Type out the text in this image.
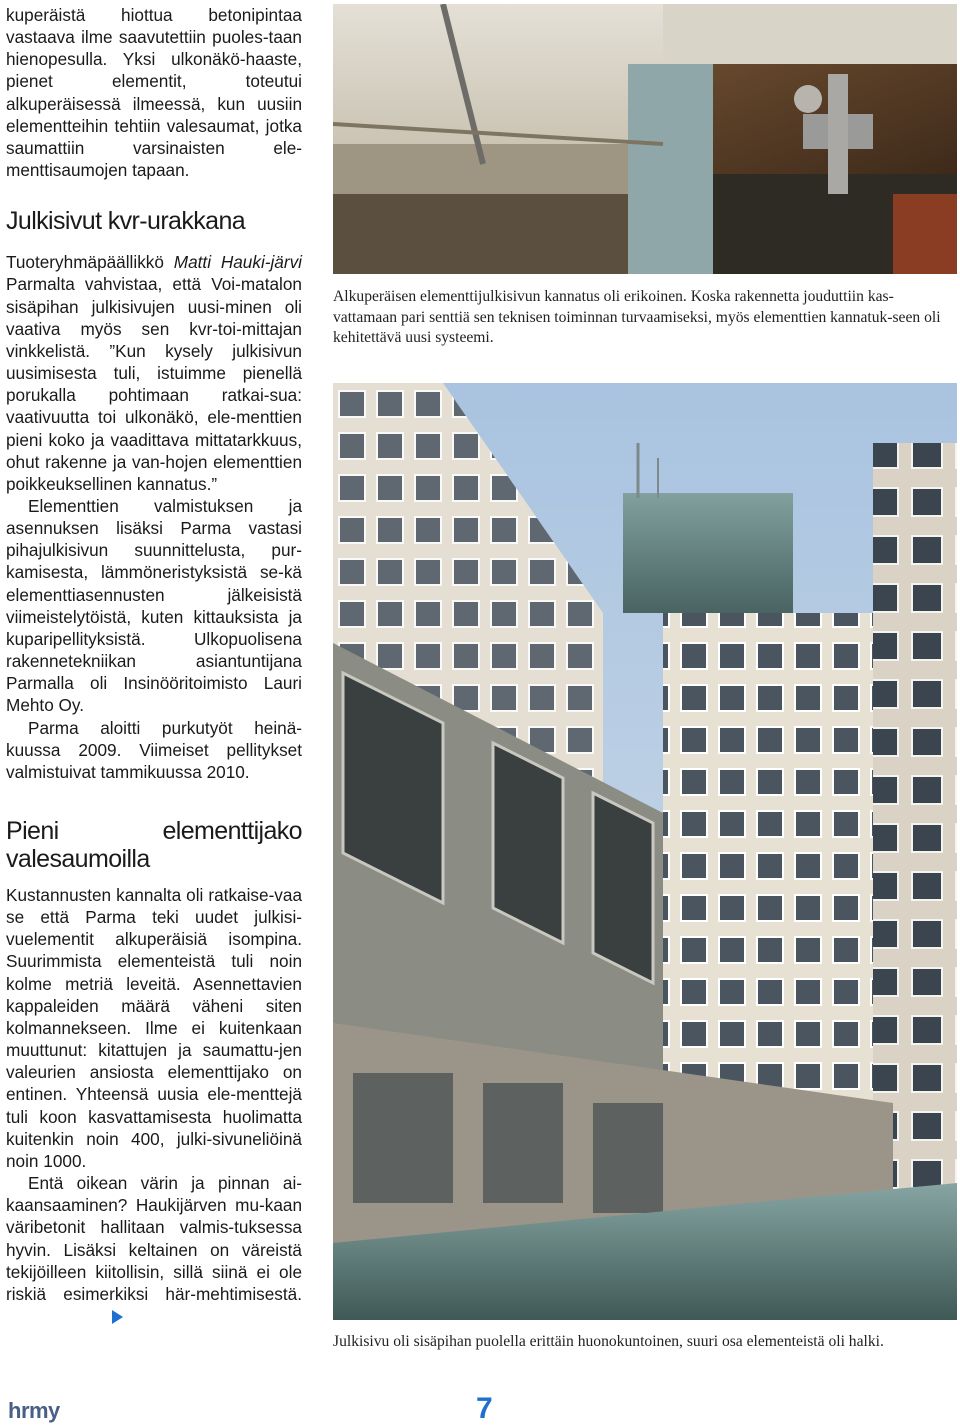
kuperäistä hiottua betonipintaa vastaava ilme saavutettiin puoles-taan hienopesulla. Yksi ulkonäkö-haaste, pienet elementit, toteutui alkuperäisessä ilmeessä, kun uusiin elementteihin tehtiin valesaumat, jotka saumattiin varsinaisten ele-menttisaumojen tapaan.

Julkisivut kvr-urakkana

Tuoteryhmäpäällikkö Matti Hauki-järvi Parmalta vahvistaa, että Voi-matalon sisäpihan julkisivujen uusi-minen oli vaativa myös sen kvr-toi-mittajan vinkkelistä. ”Kun kysely julkisivun uusimisesta tuli, istuimme pienellä porukalla pohtimaan ratkai-sua: vaativuutta toi ulkonäkö, ele-menttien pieni koko ja vaadittava mittatarkkuus, ohut rakenne ja van-hojen elementtien poikkeuksellinen kannatus.”

Elementtien valmistuksen ja asennuksen lisäksi Parma vastasi pihajulkisivun suunnittelusta, pur-kamisesta, lämmöneristyksistä se-kä elementtiasennusten jälkeisistä viimeistelytöistä, kuten kittauksista ja kuparipellityksistä. Ulkopuolisena rakennetekniikan asiantuntijana Parmalla oli Insinööritoimisto Lauri Mehto Oy.

Parma aloitti purkutyöt heinä-kuussa 2009. Viimeiset pellitykset valmistuivat tammikuussa 2010.

Pieni elementtijako valesaumoilla

Kustannusten kannalta oli ratkaise-vaa se että Parma teki uudet julkisi-vuelementit alkuperäisiä isompina. Suurimmista elementeistä tuli noin kolme metriä leveitä. Asennettavien kappaleiden määrä väheni siten kolmannekseen. Ilme ei kuitenkaan muuttunut: kitattujen ja saumattu-jen valeurien ansiosta elementtijako on entinen. Yhteensä uusia ele-menttejä tuli koon kasvattamisesta huolimatta kuitenkin noin 400, julki-sivuneliöinä noin 1000.

Entä oikean värin ja pinnan ai-kaansaaminen? Haukijärven mu-kaan väribetonit hallitaan valmis-tuksessa hyvin. Lisäksi keltainen on väreistä tekijöilleen kiitollisin, sillä siinä ei ole riskiä esimerkiksi här-mehtimisestä.

Alkuperäisen elementtijulkisivun kannatus oli erikoinen. Koska rakennetta jouduttiin kas-vattamaan pari senttiä sen teknisen toiminnan turvaamiseksi, myös elementtien kannatuk-seen oli kehitettävä uusi systeemi.
Julkisivu oli sisäpihan puolella erittäin huonokuntoinen, suuri osa elementeistä oli halki.
hrmy	7
